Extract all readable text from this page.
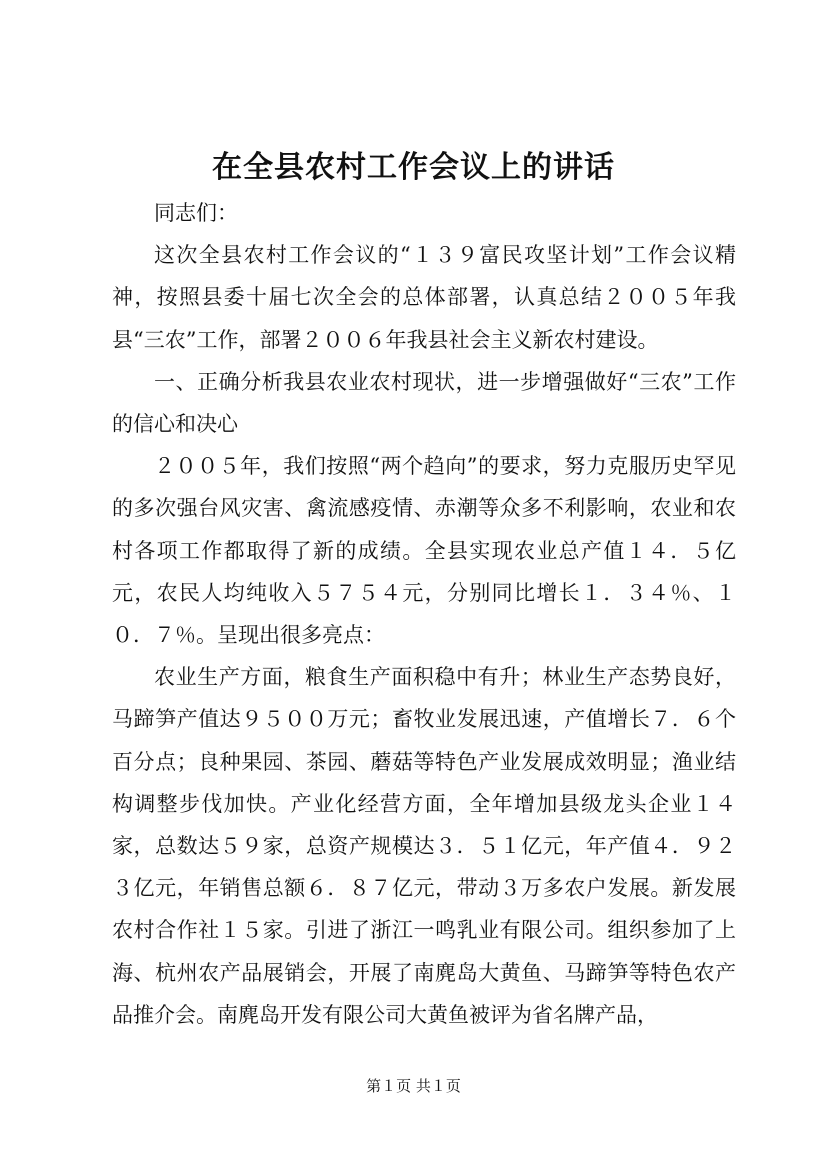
在全县农村工作会议上的讲话

同志们：

这次全县农村工作会议的“１３９富民攻坚计划”工作会议精神，按照县委十届七次全会的总体部署，认真总结２００５年我县“三农”工作，部署２００６年我县社会主义新农村建设。

一、正确分析我县农业农村现状，进一步增强做好“三农”工作的信心和决心

２００５年，我们按照“两个趋向”的要求，努力克服历史罕见的多次强台风灾害、禽流感疫情、赤潮等众多不利影响，农业和农村各项工作都取得了新的成绩。全县实现农业总产值１４．５亿元，农民人均纯收入５７５４元，分别同比增长１．３４％、１０．７％。呈现出很多亮点：

农业生产方面，粮食生产面积稳中有升；林业生产态势良好，马蹄笋产值达９５００万元；畜牧业发展迅速，产值增长７．６个百分点；良种果园、茶园、蘑菇等特色产业发展成效明显；渔业结构调整步伐加快。产业化经营方面，全年增加县级龙头企业１４家，总数达５９家，总资产规模达３．５１亿元，年产值４．９２３亿元，年销售总额６．８７亿元，带动３万多农户发展。新发展农村合作社１５家。引进了浙江一鸣乳业有限公司。组织参加了上海、杭州农产品展销会，开展了南麂岛大黄鱼、马蹄笋等特色农产品推介会。南麂岛开发有限公司大黄鱼被评为省名牌产品，

第１页 共１页
